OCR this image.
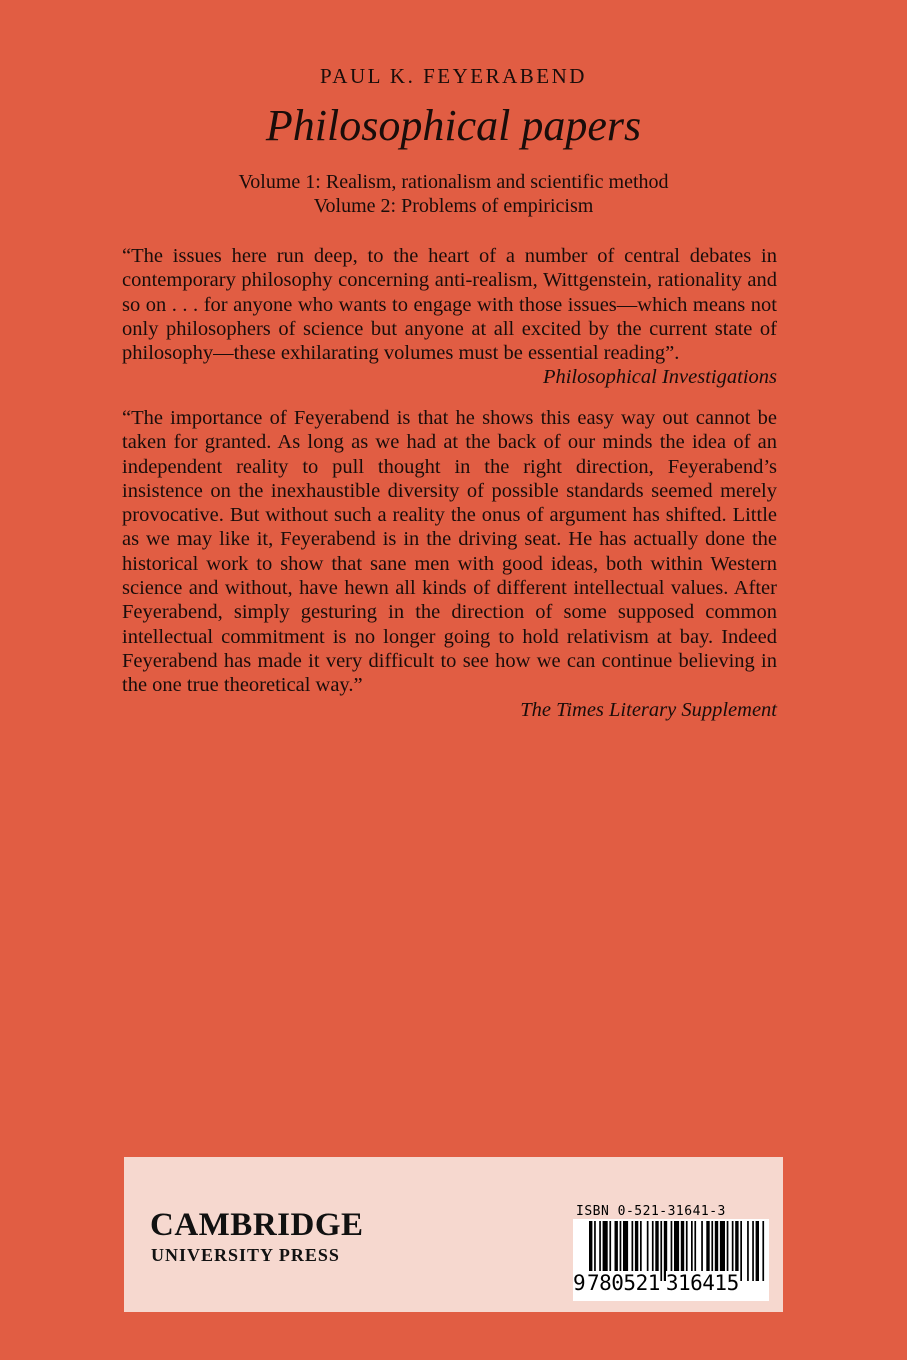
PAUL K. FEYERABEND
Philosophical papers
Volume 1: Realism, rationalism and scientific method
Volume 2: Problems of empiricism
“The issues here run deep, to the heart of a number of central debates in contemporary philosophy concerning anti-realism, Wittgenstein, rationality and so on . . . for anyone who wants to engage with those issues—which means not only philosophers of science but anyone at all excited by the current state of philosophy—these exhilarating volumes must be essential reading”.
Philosophical Investigations
“The importance of Feyerabend is that he shows this easy way out cannot be taken for granted. As long as we had at the back of our minds the idea of an independent reality to pull thought in the right direction, Feyerabend’s insistence on the inexhaustible diversity of possible standards seemed merely provocative. But without such a reality the onus of argument has shifted. Little as we may like it, Feyerabend is in the driving seat. He has actually done the historical work to show that sane men with good ideas, both within Western science and without, have hewn all kinds of different intellectual values. After Feyerabend, simply gesturing in the direction of some supposed common intellectual commitment is no longer going to hold relativism at bay. Indeed Feyerabend has made it very difficult to see how we can continue believing in the one true theoretical way.”
The Times Literary Supplement
CAMBRIDGE
UNIVERSITY PRESS
ISBN 0-521-31641-3
9780521 316415
